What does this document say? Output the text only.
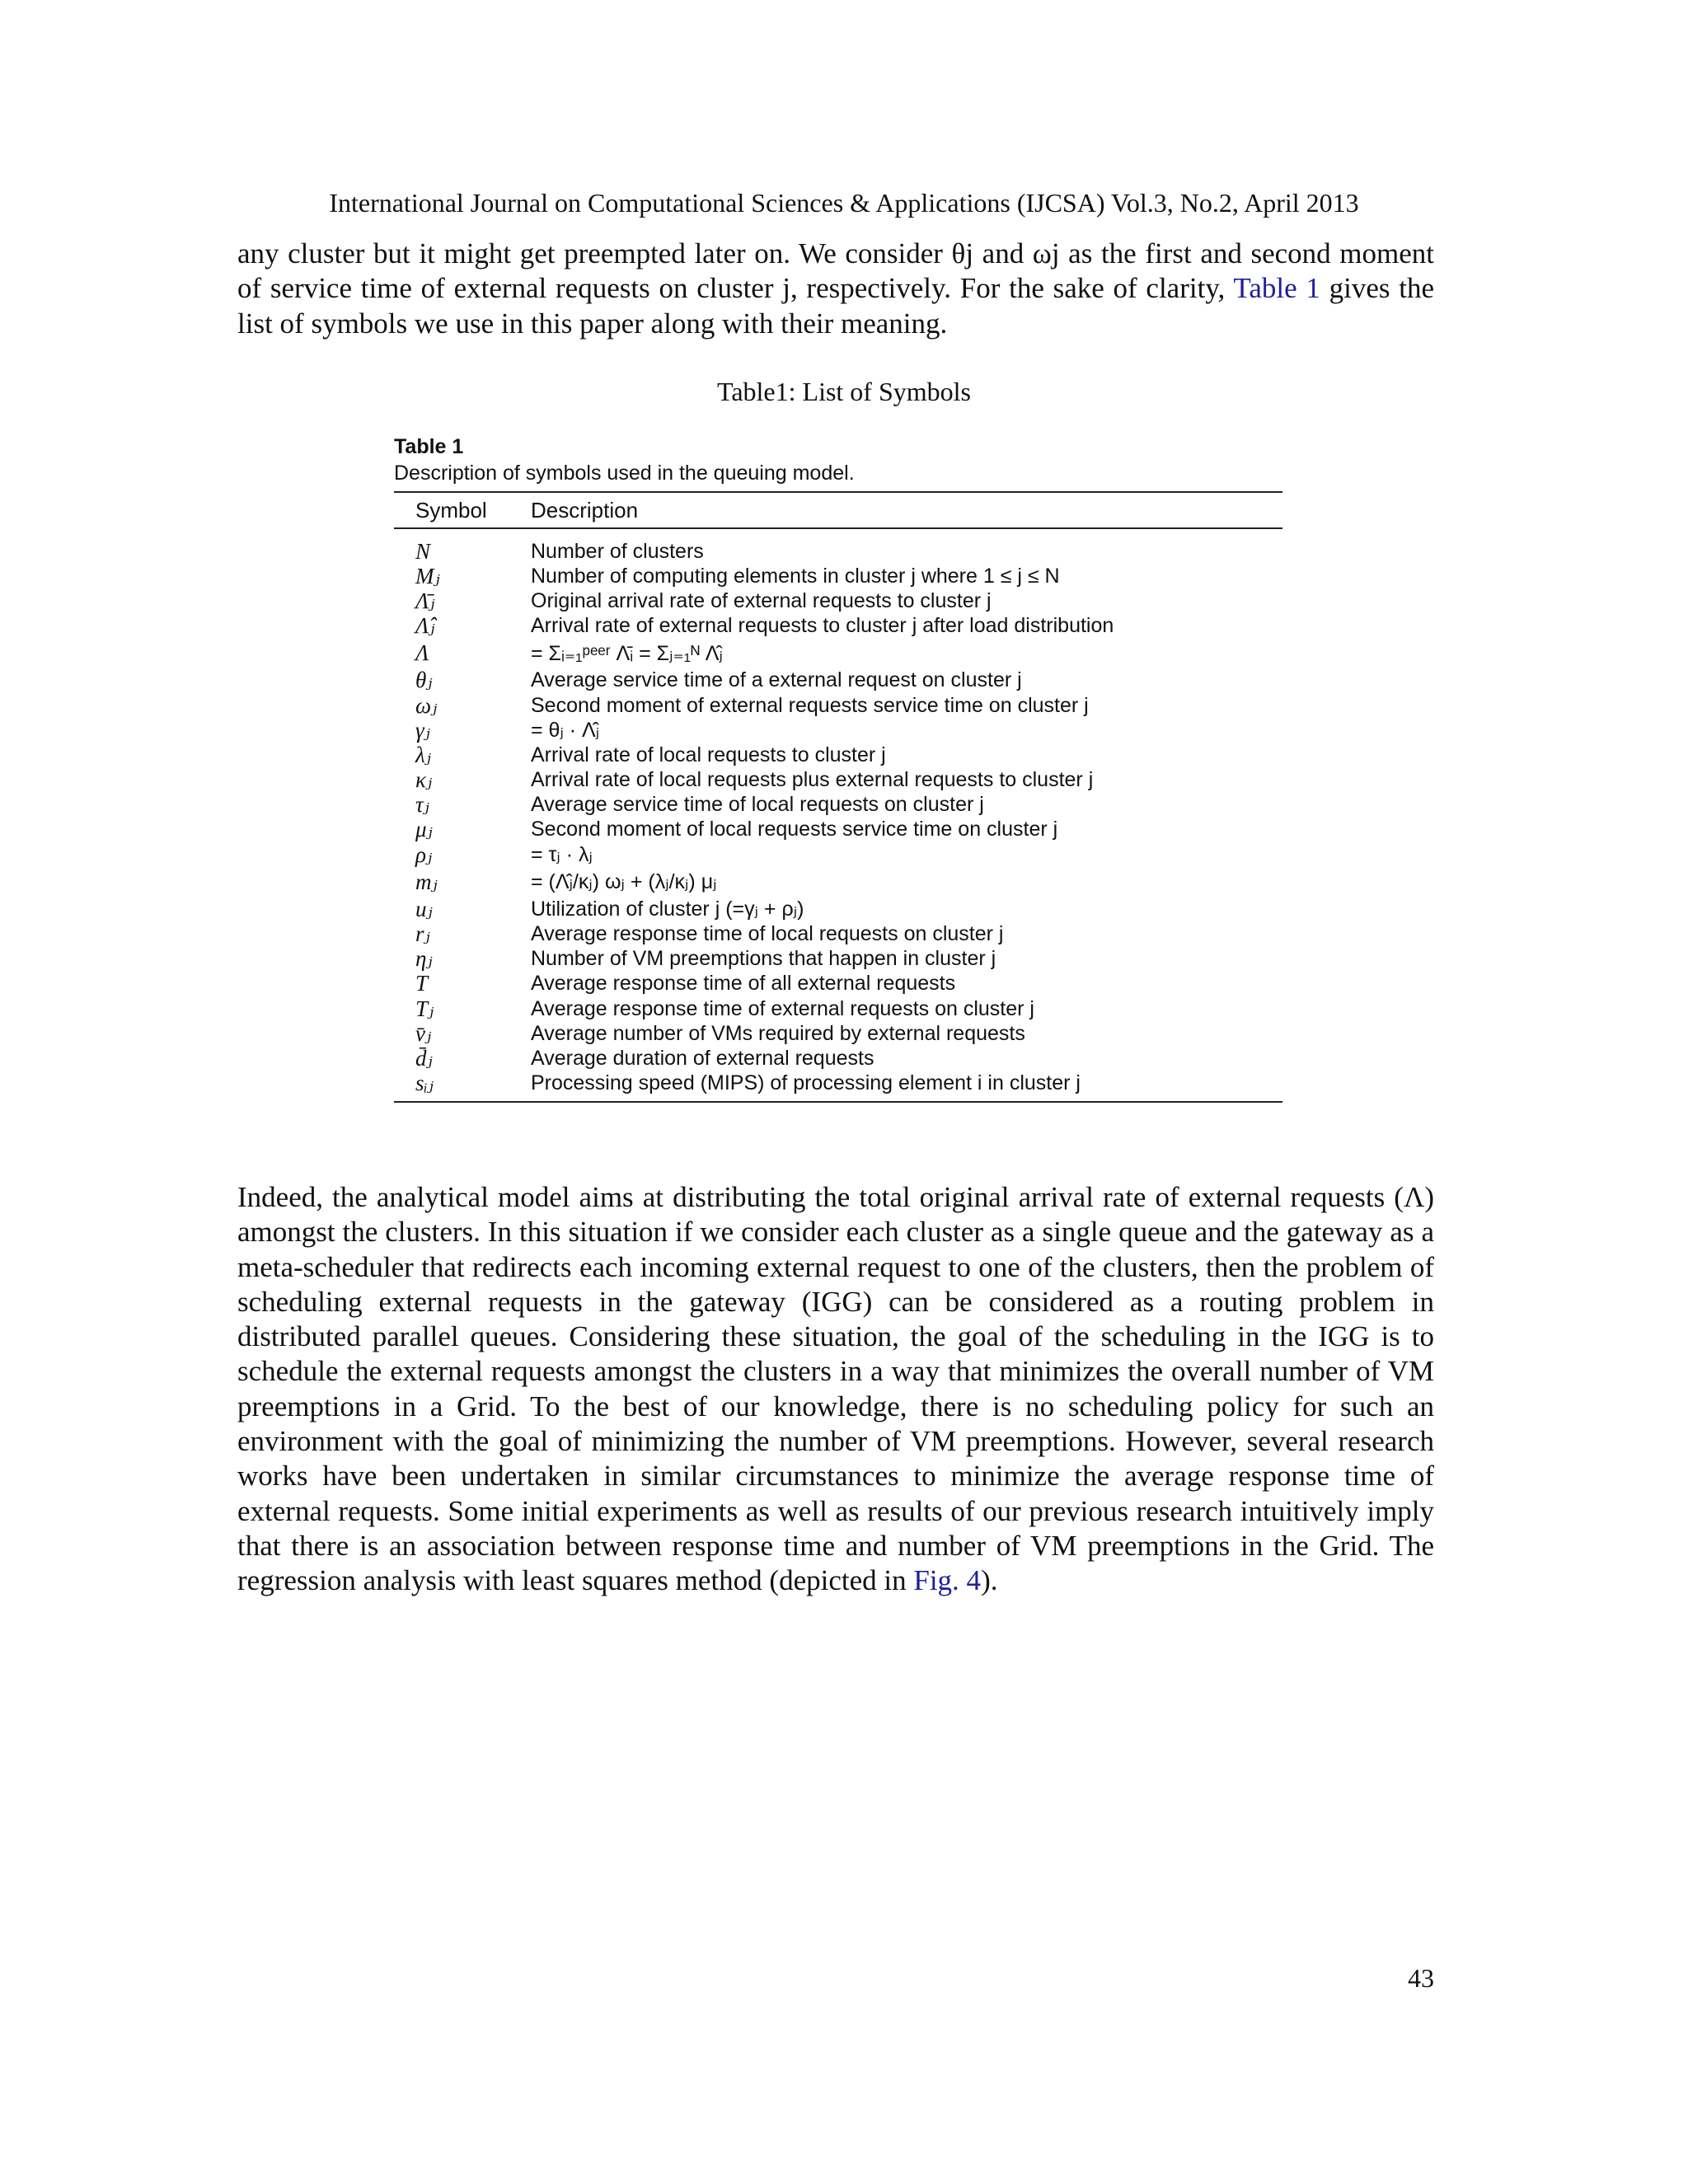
International Journal on Computational Sciences & Applications (IJCSA) Vol.3, No.2, April 2013

any cluster but it might get preempted later on. We consider θj and ωj as the first and second moment of service time of external requests on cluster j, respectively. For the sake of clarity, Table 1 gives the list of symbols we use in this paper along with their meaning.

Table1: List of Symbols
Table 1
Description of symbols used in the queuing model.
Symbol	Description
N	Number of clusters
Mⱼ	Number of computing elements in cluster j where 1 ≤ j ≤ N
Λ̄ⱼ	Original arrival rate of external requests to cluster j
Λ̂ⱼ	Arrival rate of external requests to cluster j after load distribution
Λ	= Σᵢ₌₁ᵖᵉᵉʳ Λ̄ᵢ = Σⱼ₌₁ᴺ Λ̂ⱼ
θⱼ	Average service time of a external request on cluster j
ωⱼ	Second moment of external requests service time on cluster j
γⱼ	= θⱼ · Λ̂ⱼ
λⱼ	Arrival rate of local requests to cluster j
κⱼ	Arrival rate of local requests plus external requests to cluster j
τⱼ	Average service time of local requests on cluster j
μⱼ	Second moment of local requests service time on cluster j
ρⱼ	= τⱼ · λⱼ
mⱼ	= (Λ̂ⱼ/κⱼ) ωⱼ + (λⱼ/κⱼ) μⱼ
uⱼ	Utilization of cluster j (=γⱼ + ρⱼ)
rⱼ	Average response time of local requests on cluster j
ηⱼ	Number of VM preemptions that happen in cluster j
T	Average response time of all external requests
Tⱼ	Average response time of external requests on cluster j
v̄ⱼ	Average number of VMs required by external requests
d̄ⱼ	Average duration of external requests
sᵢⱼ	Processing speed (MIPS) of processing element i in cluster j

Indeed, the analytical model aims at distributing the total original arrival rate of external requests (Λ) amongst the clusters. In this situation if we consider each cluster as a single queue and the gateway as a meta-scheduler that redirects each incoming external request to one of the clusters, then the problem of scheduling external requests in the gateway (IGG) can be considered as a routing problem in distributed parallel queues. Considering these situation, the goal of the scheduling in the IGG is to schedule the external requests amongst the clusters in a way that minimizes the overall number of VM preemptions in a Grid. To the best of our knowledge, there is no scheduling policy for such an environment with the goal of minimizing the number of VM preemptions. However, several research works have been undertaken in similar circumstances to minimize the average response time of external requests. Some initial experiments as well as results of our previous research intuitively imply that there is an association between response time and number of VM preemptions in the Grid. The regression analysis with least squares method (depicted in Fig. 4).

43
